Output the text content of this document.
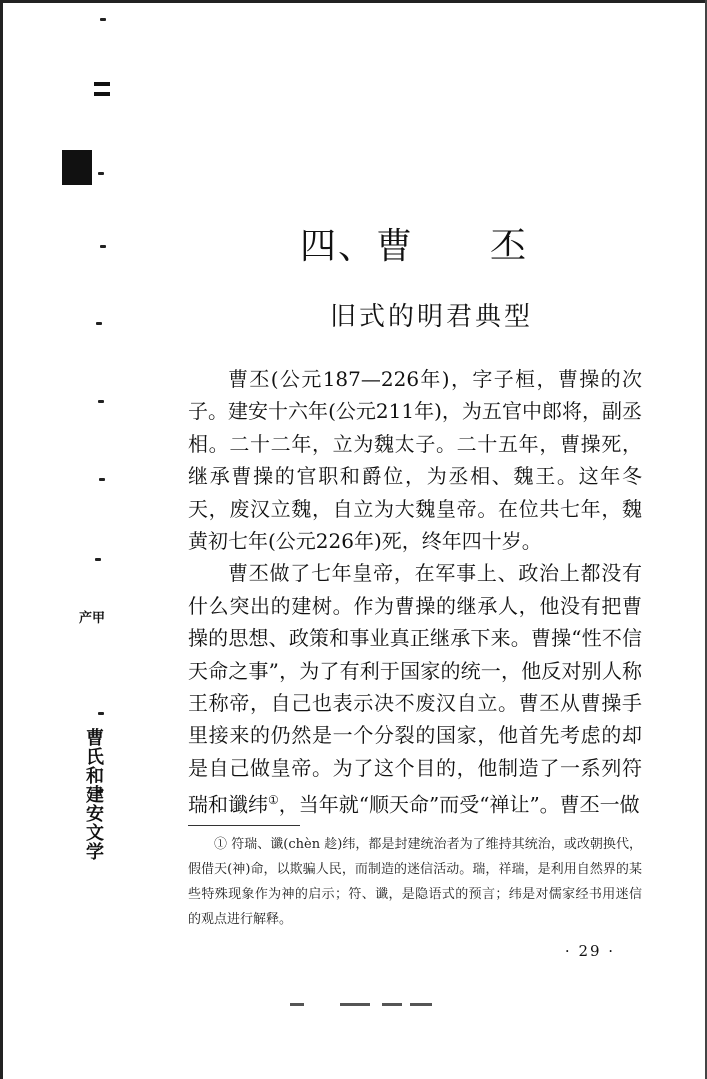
产甲
曹氏和建安文学
四、曹　　丕
旧式的明君典型

曹丕(公元187—226年)，字子桓，曹操的次子。建安十六年(公元211年)，为五官中郎将，副丞相。二十二年，立为魏太子。二十五年，曹操死，继承曹操的官职和爵位，为丞相、魏王。这年冬天，废汉立魏，自立为大魏皇帝。在位共七年，魏黄初七年(公元226年)死，终年四十岁。

曹丕做了七年皇帝，在军事上、政治上都没有什么突出的建树。作为曹操的继承人，他没有把曹操的思想、政策和事业真正继承下来。曹操“性不信天命之事”，为了有利于国家的统一，他反对别人称王称帝，自己也表示决不废汉自立。曹丕从曹操手里接来的仍然是一个分裂的国家，他首先考虑的却是自己做皇帝。为了这个目的，他制造了一系列符瑞和谶纬①，当年就“顺天命”而受“禅让”。曹丕一做

① 符瑞、谶(chèn 趁)纬，都是封建统治者为了维持其统治，或改朝换代，假借天(神)命，以欺骗人民，而制造的迷信活动。瑞，祥瑞，是利用自然界的某些特殊现象作为神的启示；符、谶，是隐语式的预言；纬是对儒家经书用迷信的观点进行解释。

· 29 ·
